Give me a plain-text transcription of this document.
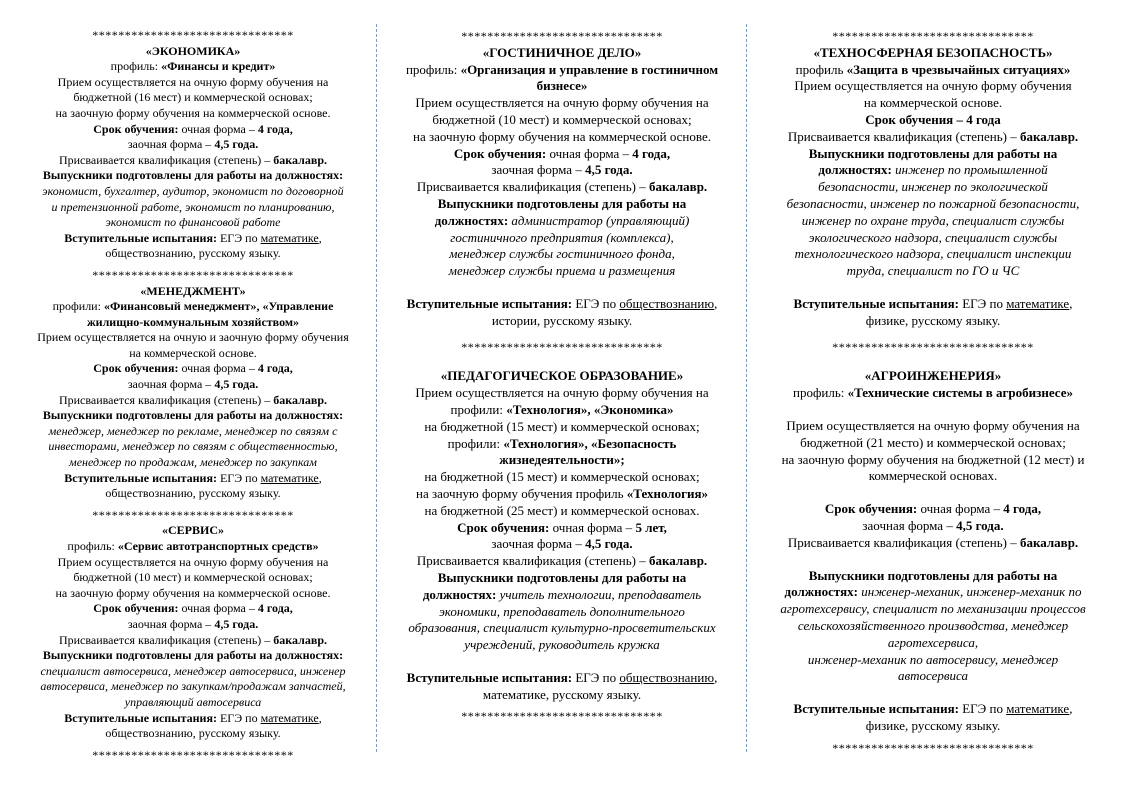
*******************************
«ЭКОНОМИКА»
профиль: «Финансы и кредит»
Прием осуществляется на очную форму обучения на
бюджетной (16 мест) и коммерческой основах;
на заочную форму обучения на коммерческой основе.
Срок обучения: очная форма – 4 года,
заочная форма – 4,5 года.
Присваивается квалификация (степень) – бакалавр.
Выпускники подготовлены для работы на должностях:
экономист, бухгалтер, аудитор, экономист по договорной
и претензионной работе, экономист по планированию,
экономист по финансовой работе
Вступительные испытания: ЕГЭ по математике,
обществознанию, русскому языку.
*******************************
«МЕНЕДЖМЕНТ»
профили: «Финансовый менеджмент», «Управление
жилищно-коммунальным хозяйством»
Прием осуществляется на очную и заочную форму обучения
на коммерческой основе.
Срок обучения: очная форма – 4 года,
заочная форма – 4,5 года.
Присваивается квалификация (степень) – бакалавр.
Выпускники подготовлены для работы на должностях:
менеджер, менеджер по рекламе, менеджер по связям с
инвесторами, менеджер по связям с общественностью,
менеджер по продажам, менеджер по закупкам
Вступительные испытания: ЕГЭ по математике,
обществознанию, русскому языку.
*******************************
«СЕРВИС»
профиль: «Сервис автотранспортных средств»
Прием осуществляется на очную форму обучения на
бюджетной (10 мест) и коммерческой основах;
на заочную форму обучения на коммерческой основе.
Срок обучения: очная форма – 4 года,
заочная форма – 4,5 года.
Присваивается квалификация (степень) – бакалавр.
Выпускники подготовлены для работы на должностях:
специалист автосервиса, менеджер автосервиса, инженер
автосервиса, менеджер по закупкам/продажам запчастей,
управляющий автосервиса
Вступительные испытания: ЕГЭ по математике,
обществознанию, русскому языку.
*******************************
*******************************
«ГОСТИНИЧНОЕ ДЕЛО»
профиль: «Организация и управление в гостиничном
бизнесе»
Прием осуществляется на очную форму обучения на
бюджетной (10 мест) и коммерческой основах;
на заочную форму обучения на коммерческой основе.
Срок обучения: очная форма – 4 года,
заочная форма – 4,5 года.
Присваивается квалификация (степень) – бакалавр.
Выпускники подготовлены для работы на
должностях: администратор (управляющий)
гостиничного предприятия (комплекса),
менеджер службы гостиничного фонда,
менеджер службы приема и размещения
Вступительные испытания: ЕГЭ по обществознанию,
истории, русскому языку.
*******************************
«ПЕДАГОГИЧЕСКОЕ ОБРАЗОВАНИЕ»
Прием осуществляется на очную форму обучения на
профили: «Технология», «Экономика»
на бюджетной (15 мест) и коммерческой основах;
профили: «Технология», «Безопасность
жизнедеятельности»;
на бюджетной (15 мест) и коммерческой основах;
на заочную форму обучения профиль «Технология»
на бюджетной (25 мест) и коммерческой основах.
Срок обучения: очная форма – 5 лет,
заочная форма – 4,5 года.
Присваивается квалификация (степень) – бакалавр.
Выпускники подготовлены для работы на
должностях: учитель технологии, преподаватель
экономики, преподаватель дополнительного
образования, специалист культурно-просветительских
учреждений, руководитель кружка
Вступительные испытания: ЕГЭ по обществознанию,
математике, русскому языку.
*******************************
*******************************
«ТЕХНОСФЕРНАЯ БЕЗОПАСНОСТЬ»
профиль «Защита в чрезвычайных ситуациях»
Прием осуществляется на очную форму обучения
на коммерческой основе.
Срок обучения – 4 года
Присваивается квалификация (степень) – бакалавр.
Выпускники подготовлены для работы на
должностях: инженер по промышленной
безопасности, инженер по экологической
безопасности, инженер по пожарной безопасности,
инженер по охране труда, специалист службы
экологического надзора, специалист службы
технологического надзора, специалист инспекции
труда, специалист по ГО и ЧС
Вступительные испытания: ЕГЭ по математике,
физике, русскому языку.
*******************************
«АГРОИНЖЕНЕРИЯ»
профиль: «Технические системы в агробизнесе»
Прием осуществляется на очную форму обучения на
бюджетной (21 место) и коммерческой основах;
на заочную форму обучения на бюджетной (12 мест) и
коммерческой основах.
Срок обучения: очная форма – 4 года,
заочная форма – 4,5 года.
Присваивается квалификация (степень) – бакалавр.
Выпускники подготовлены для работы на
должностях: инженер-механик, инженер-механик по
агротехсервису, специалист по механизации процессов
сельскохозяйственного производства, менеджер агротехсервиса,
инженер-механик по автосервису, менеджер
автосервиса
Вступительные испытания: ЕГЭ по математике,
физике, русскому языку.
*******************************
